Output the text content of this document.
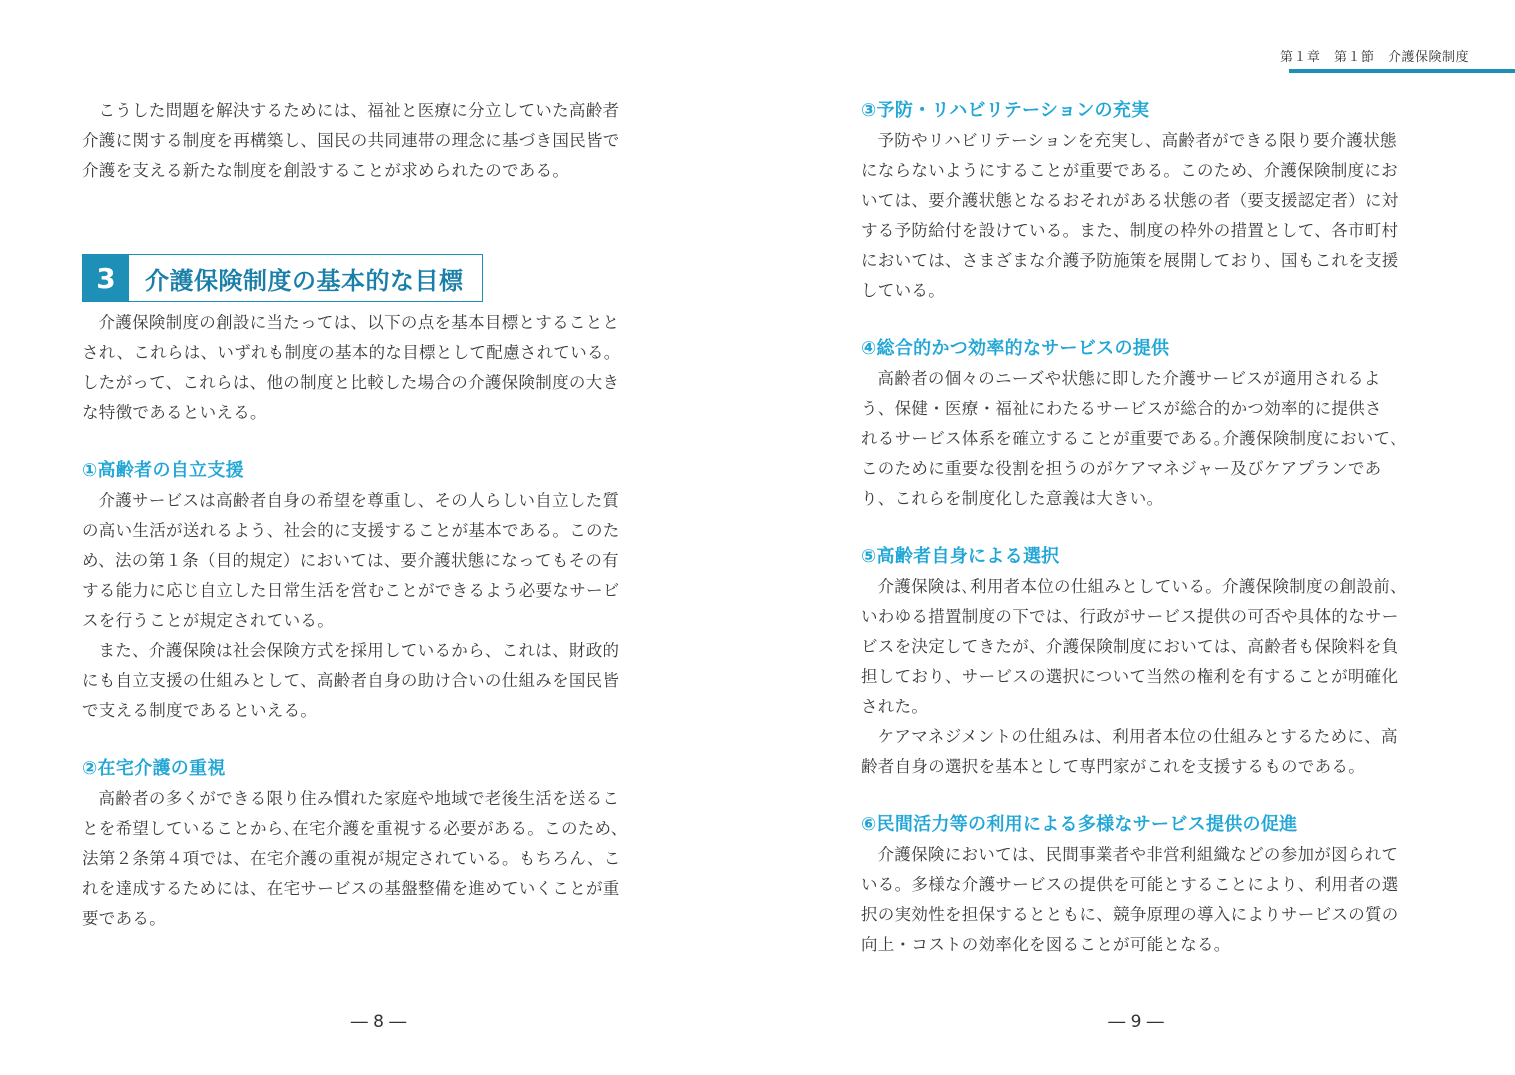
こうした問題を解決するためには、福祉と医療に分立していた高齢者
介護に関する制度を再構築し、国民の共同連帯の理念に基づき国民皆で
介護を支える新たな制度を創設することが求められたのである。

3	介護保険制度の基本的な目標

介護保険制度の創設に当たっては、以下の点を基本目標とすることと
され、これらは、いずれも制度の基本的な目標として配慮されている。
したがって、これらは、他の制度と比較した場合の介護保険制度の大き
な特徴であるといえる。

①高齢者の自立支援

介護サービスは高齢者自身の希望を尊重し、その人らしい自立した質
の高い生活が送れるよう、社会的に支援することが基本である。このた
め、法の第１条（目的規定）においては、要介護状態になってもその有
する能力に応じ自立した日常生活を営むことができるよう必要なサービ
スを行うことが規定されている。

また、介護保険は社会保険方式を採用しているから、これは、財政的
にも自立支援の仕組みとして、高齢者自身の助け合いの仕組みを国民皆
で支える制度であるといえる。

②在宅介護の重視

高齢者の多くができる限り住み慣れた家庭や地域で老後生活を送るこ
とを希望していることから､在宅介護を重視する必要がある。このため、
法第２条第４項では、在宅介護の重視が規定されている。もちろん、こ
れを達成するためには、在宅サービスの基盤整備を進めていくことが重
要である。

― 8 ―
第１章　第１節　介護保険制度
③予防・リハビリテーションの充実

予防やリハビリテーションを充実し、高齢者ができる限り要介護状態
にならないようにすることが重要である。このため、介護保険制度にお
いては、要介護状態となるおそれがある状態の者（要支援認定者）に対
する予防給付を設けている。また、制度の枠外の措置として、各市町村
においては、さまざまな介護予防施策を展開しており、国もこれを支援
している。

④総合的かつ効率的なサービスの提供

高齢者の個々のニーズや状態に即した介護サービスが適用されるよ
う、保健・医療・福祉にわたるサービスが総合的かつ効率的に提供さ
れるサービス体系を確立することが重要である｡介護保険制度において､
このために重要な役割を担うのがケアマネジャー及びケアプランであ
り、これらを制度化した意義は大きい。

⑤高齢者自身による選択

介護保険は､利用者本位の仕組みとしている。介護保険制度の創設前、
いわゆる措置制度の下では、行政がサービス提供の可否や具体的なサー
ビスを決定してきたが、介護保険制度においては、高齢者も保険料を負
担しており、サービスの選択について当然の権利を有することが明確化
された。

ケアマネジメントの仕組みは、利用者本位の仕組みとするために、高
齢者自身の選択を基本として専門家がこれを支援するものである。

⑥民間活力等の利用による多様なサービス提供の促進

介護保険においては、民間事業者や非営利組織などの参加が図られて
いる。多様な介護サービスの提供を可能とすることにより、利用者の選
択の実効性を担保するとともに、競争原理の導入によりサービスの質の
向上・コストの効率化を図ることが可能となる。

― 9 ―
